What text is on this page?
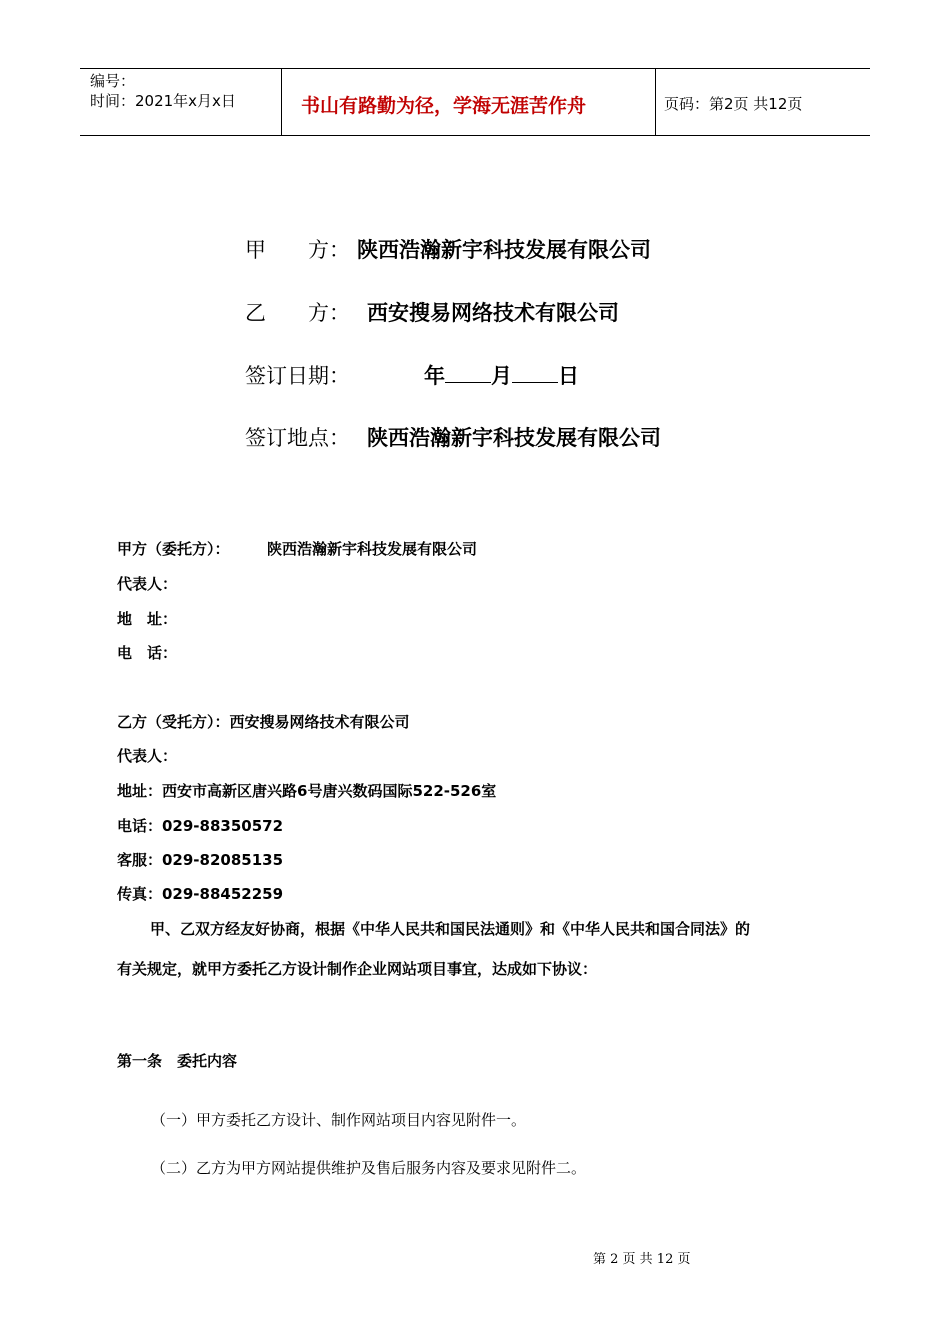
编号：
时间：2021年x月x日	书山有路勤为径，学海无涯苦作舟	页码：第2页 共12页
甲　　方： 陕西浩瀚新宇科技发展有限公司
乙　　方： 西安搜易网络技术有限公司
签订日期：	年 月 日
签订地点： 陕西浩瀚新宇科技发展有限公司
甲方（委托方）： 陕西浩瀚新宇科技发展有限公司
代表人：
地　址：
电　话：
乙方（受托方）：西安搜易网络技术有限公司
代表人：
地址：西安市高新区唐兴路6号唐兴数码国际522-526室
电话：029-88350572
客服：029-82085135
传真：029-88452259
甲、乙双方经友好协商，根据《中华人民共和国民法通则》和《中华人民共和国合同法》的
有关规定，就甲方委托乙方设计制作企业网站项目事宜，达成如下协议：
第一条　委托内容
（一）甲方委托乙方设计、制作网站项目内容见附件一。
（二）乙方为甲方网站提供维护及售后服务内容及要求见附件二。
第 2 页 共 12 页
